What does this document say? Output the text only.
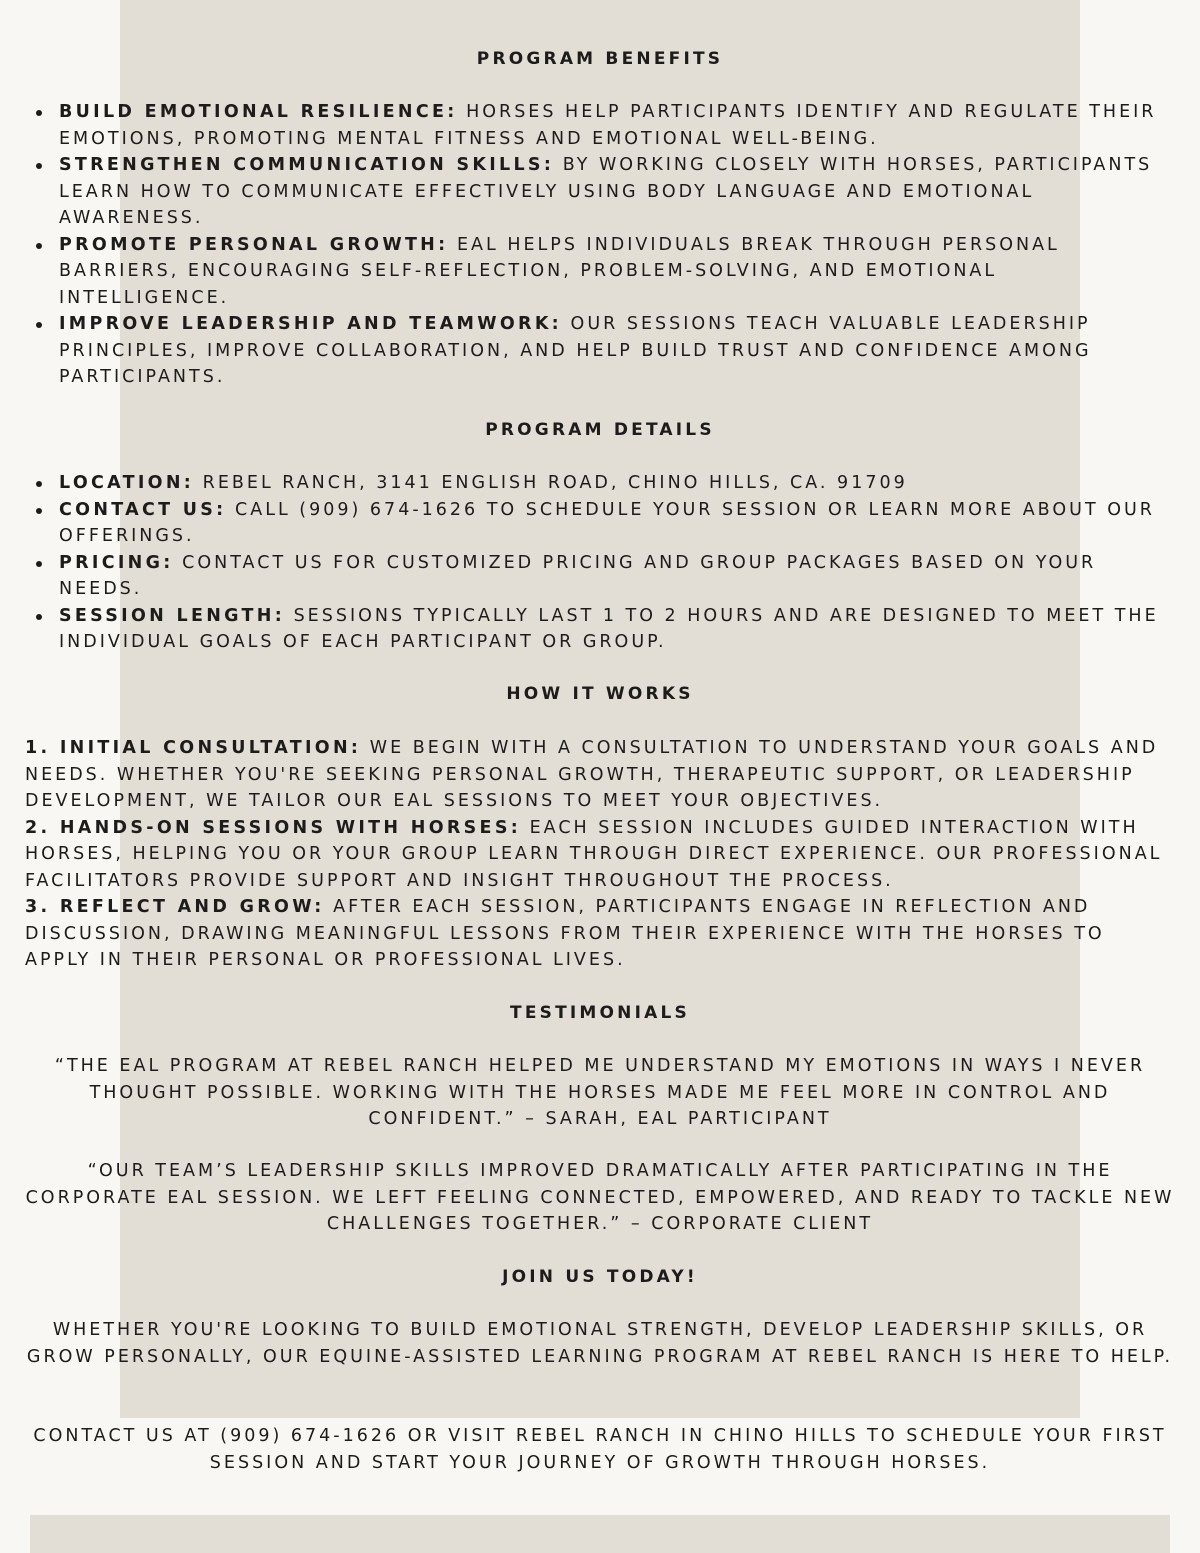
PROGRAM BENEFITS
BUILD EMOTIONAL RESILIENCE: HORSES HELP PARTICIPANTS IDENTIFY AND REGULATE THEIR EMOTIONS, PROMOTING MENTAL FITNESS AND EMOTIONAL WELL-BEING.
STRENGTHEN COMMUNICATION SKILLS: BY WORKING CLOSELY WITH HORSES, PARTICIPANTS LEARN HOW TO COMMUNICATE EFFECTIVELY USING BODY LANGUAGE AND EMOTIONAL AWARENESS.
PROMOTE PERSONAL GROWTH: EAL HELPS INDIVIDUALS BREAK THROUGH PERSONAL BARRIERS, ENCOURAGING SELF-REFLECTION, PROBLEM-SOLVING, AND EMOTIONAL INTELLIGENCE.
IMPROVE LEADERSHIP AND TEAMWORK: OUR SESSIONS TEACH VALUABLE LEADERSHIP PRINCIPLES, IMPROVE COLLABORATION, AND HELP BUILD TRUST AND CONFIDENCE AMONG PARTICIPANTS.
PROGRAM DETAILS
LOCATION: REBEL RANCH, 3141 ENGLISH ROAD, CHINO HILLS, CA. 91709
CONTACT US: CALL (909) 674-1626 TO SCHEDULE YOUR SESSION OR LEARN MORE ABOUT OUR OFFERINGS.
PRICING: CONTACT US FOR CUSTOMIZED PRICING AND GROUP PACKAGES BASED ON YOUR NEEDS.
SESSION LENGTH: SESSIONS TYPICALLY LAST 1 TO 2 HOURS AND ARE DESIGNED TO MEET THE INDIVIDUAL GOALS OF EACH PARTICIPANT OR GROUP.
HOW IT WORKS
1. INITIAL CONSULTATION: WE BEGIN WITH A CONSULTATION TO UNDERSTAND YOUR GOALS AND NEEDS. WHETHER YOU'RE SEEKING PERSONAL GROWTH, THERAPEUTIC SUPPORT, OR LEADERSHIP DEVELOPMENT, WE TAILOR OUR EAL SESSIONS TO MEET YOUR OBJECTIVES.
2. HANDS-ON SESSIONS WITH HORSES: EACH SESSION INCLUDES GUIDED INTERACTION WITH HORSES, HELPING YOU OR YOUR GROUP LEARN THROUGH DIRECT EXPERIENCE. OUR PROFESSIONAL FACILITATORS PROVIDE SUPPORT AND INSIGHT THROUGHOUT THE PROCESS.
3. REFLECT AND GROW: AFTER EACH SESSION, PARTICIPANTS ENGAGE IN REFLECTION AND DISCUSSION, DRAWING MEANINGFUL LESSONS FROM THEIR EXPERIENCE WITH THE HORSES TO APPLY IN THEIR PERSONAL OR PROFESSIONAL LIVES.
TESTIMONIALS
“THE EAL PROGRAM AT REBEL RANCH HELPED ME UNDERSTAND MY EMOTIONS IN WAYS I NEVER THOUGHT POSSIBLE. WORKING WITH THE HORSES MADE ME FEEL MORE IN CONTROL AND CONFIDENT.” – SARAH, EAL PARTICIPANT
“OUR TEAM’S LEADERSHIP SKILLS IMPROVED DRAMATICALLY AFTER PARTICIPATING IN THE CORPORATE EAL SESSION. WE LEFT FEELING CONNECTED, EMPOWERED, AND READY TO TACKLE NEW CHALLENGES TOGETHER.” – CORPORATE CLIENT
JOIN US TODAY!
WHETHER YOU'RE LOOKING TO BUILD EMOTIONAL STRENGTH, DEVELOP LEADERSHIP SKILLS, OR GROW PERSONALLY, OUR EQUINE-ASSISTED LEARNING PROGRAM AT REBEL RANCH IS HERE TO HELP.
CONTACT US AT (909) 674-1626 OR VISIT REBEL RANCH IN CHINO HILLS TO SCHEDULE YOUR FIRST SESSION AND START YOUR JOURNEY OF GROWTH THROUGH HORSES.
